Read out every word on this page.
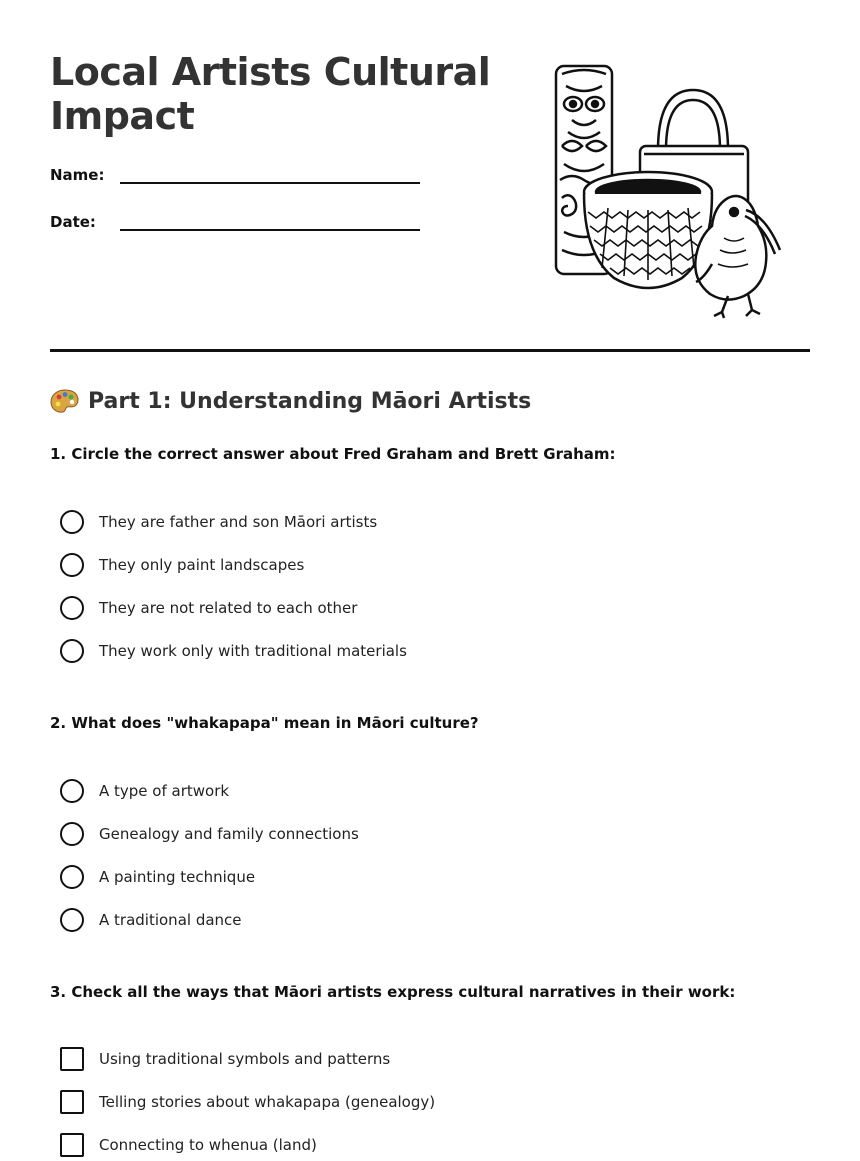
Local Artists Cultural Impact
Name:
Date:
Part 1: Understanding Māori Artists
1. Circle the correct answer about Fred Graham and Brett Graham:
They are father and son Māori artists
They only paint landscapes
They are not related to each other
They work only with traditional materials
2. What does "whakapapa" mean in Māori culture?
A type of artwork
Genealogy and family connections
A painting technique
A traditional dance
3. Check all the ways that Māori artists express cultural narratives in their work:
Using traditional symbols and patterns
Telling stories about whakapapa (genealogy)
Connecting to whenua (land)
